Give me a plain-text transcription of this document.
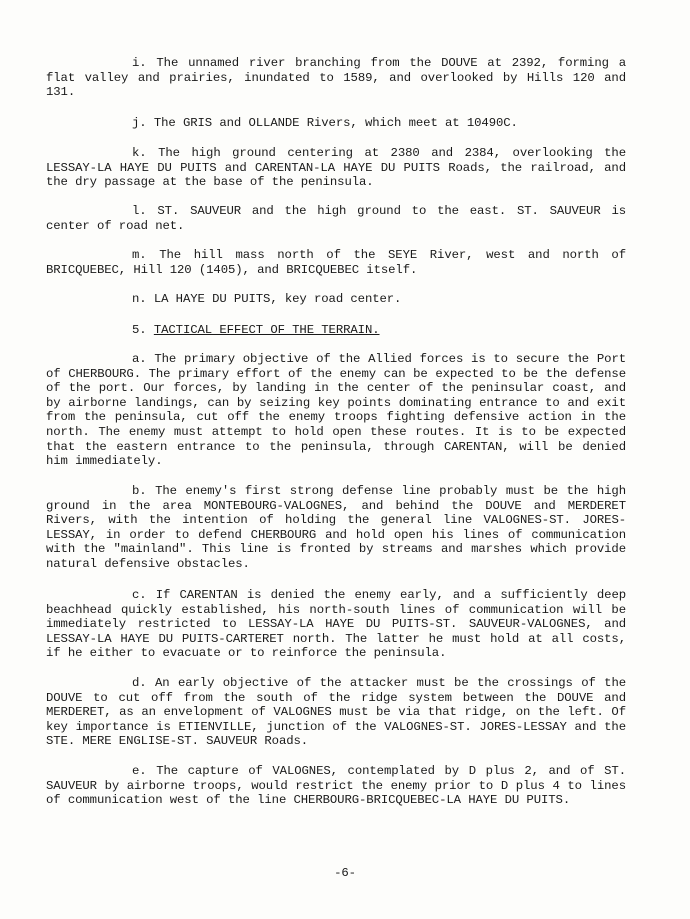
i. The unnamed river branching from the DOUVE at 2392, forming a flat valley and prairies, inundated to 1589, and overlooked by Hills 120 and 131.

j. The GRIS and OLLANDE Rivers, which meet at 10490C.

k. The high ground centering at 2380 and 2384, overlooking the LESSAY-LA HAYE DU PUITS and CARENTAN-LA HAYE DU PUITS Roads, the railroad, and the dry passage at the base of the peninsula.

l. ST. SAUVEUR and the high ground to the east. ST. SAUVEUR is center of road net.

m. The hill mass north of the SEYE River, west and north of BRICQUEBEC, Hill 120 (1405), and BRICQUEBEC itself.

n. LA HAYE DU PUITS, key road center.

5. TACTICAL EFFECT OF THE TERRAIN.

a. The primary objective of the Allied forces is to secure the Port of CHERBOURG. The primary effort of the enemy can be expected to be the defense of the port. Our forces, by landing in the center of the peninsular coast, and by airborne landings, can by seizing key points dominating entrance to and exit from the peninsula, cut off the enemy troops fighting defensive action in the north. The enemy must attempt to hold open these routes. It is to be expected that the eastern entrance to the peninsula, through CARENTAN, will be denied him immediately.

b. The enemy's first strong defense line probably must be the high ground in the area MONTEBOURG-VALOGNES, and behind the DOUVE and MERDERET Rivers, with the intention of holding the general line VALOGNES-ST. JORES-LESSAY, in order to defend CHERBOURG and hold open his lines of communication with the "mainland". This line is fronted by streams and marshes which provide natural defensive obstacles.

c. If CARENTAN is denied the enemy early, and a sufficiently deep beachhead quickly established, his north-south lines of communication will be immediately restricted to LESSAY-LA HAYE DU PUITS-ST. SAUVEUR-VALOGNES, and LESSAY-LA HAYE DU PUITS-CARTERET north. The latter he must hold at all costs, if he either to evacuate or to reinforce the peninsula.

d. An early objective of the attacker must be the crossings of the DOUVE to cut off from the south of the ridge system between the DOUVE and MERDERET, as an envelopment of VALOGNES must be via that ridge, on the left. Of key importance is ETIENVILLE, junction of the VALOGNES-ST. JORES-LESSAY and the STE. MERE ENGLISE-ST. SAUVEUR Roads.

e. The capture of VALOGNES, contemplated by D plus 2, and of ST. SAUVEUR by airborne troops, would restrict the enemy prior to D plus 4 to lines of communication west of the line CHERBOURG-BRICQUEBEC-LA HAYE DU PUITS.

-6-
